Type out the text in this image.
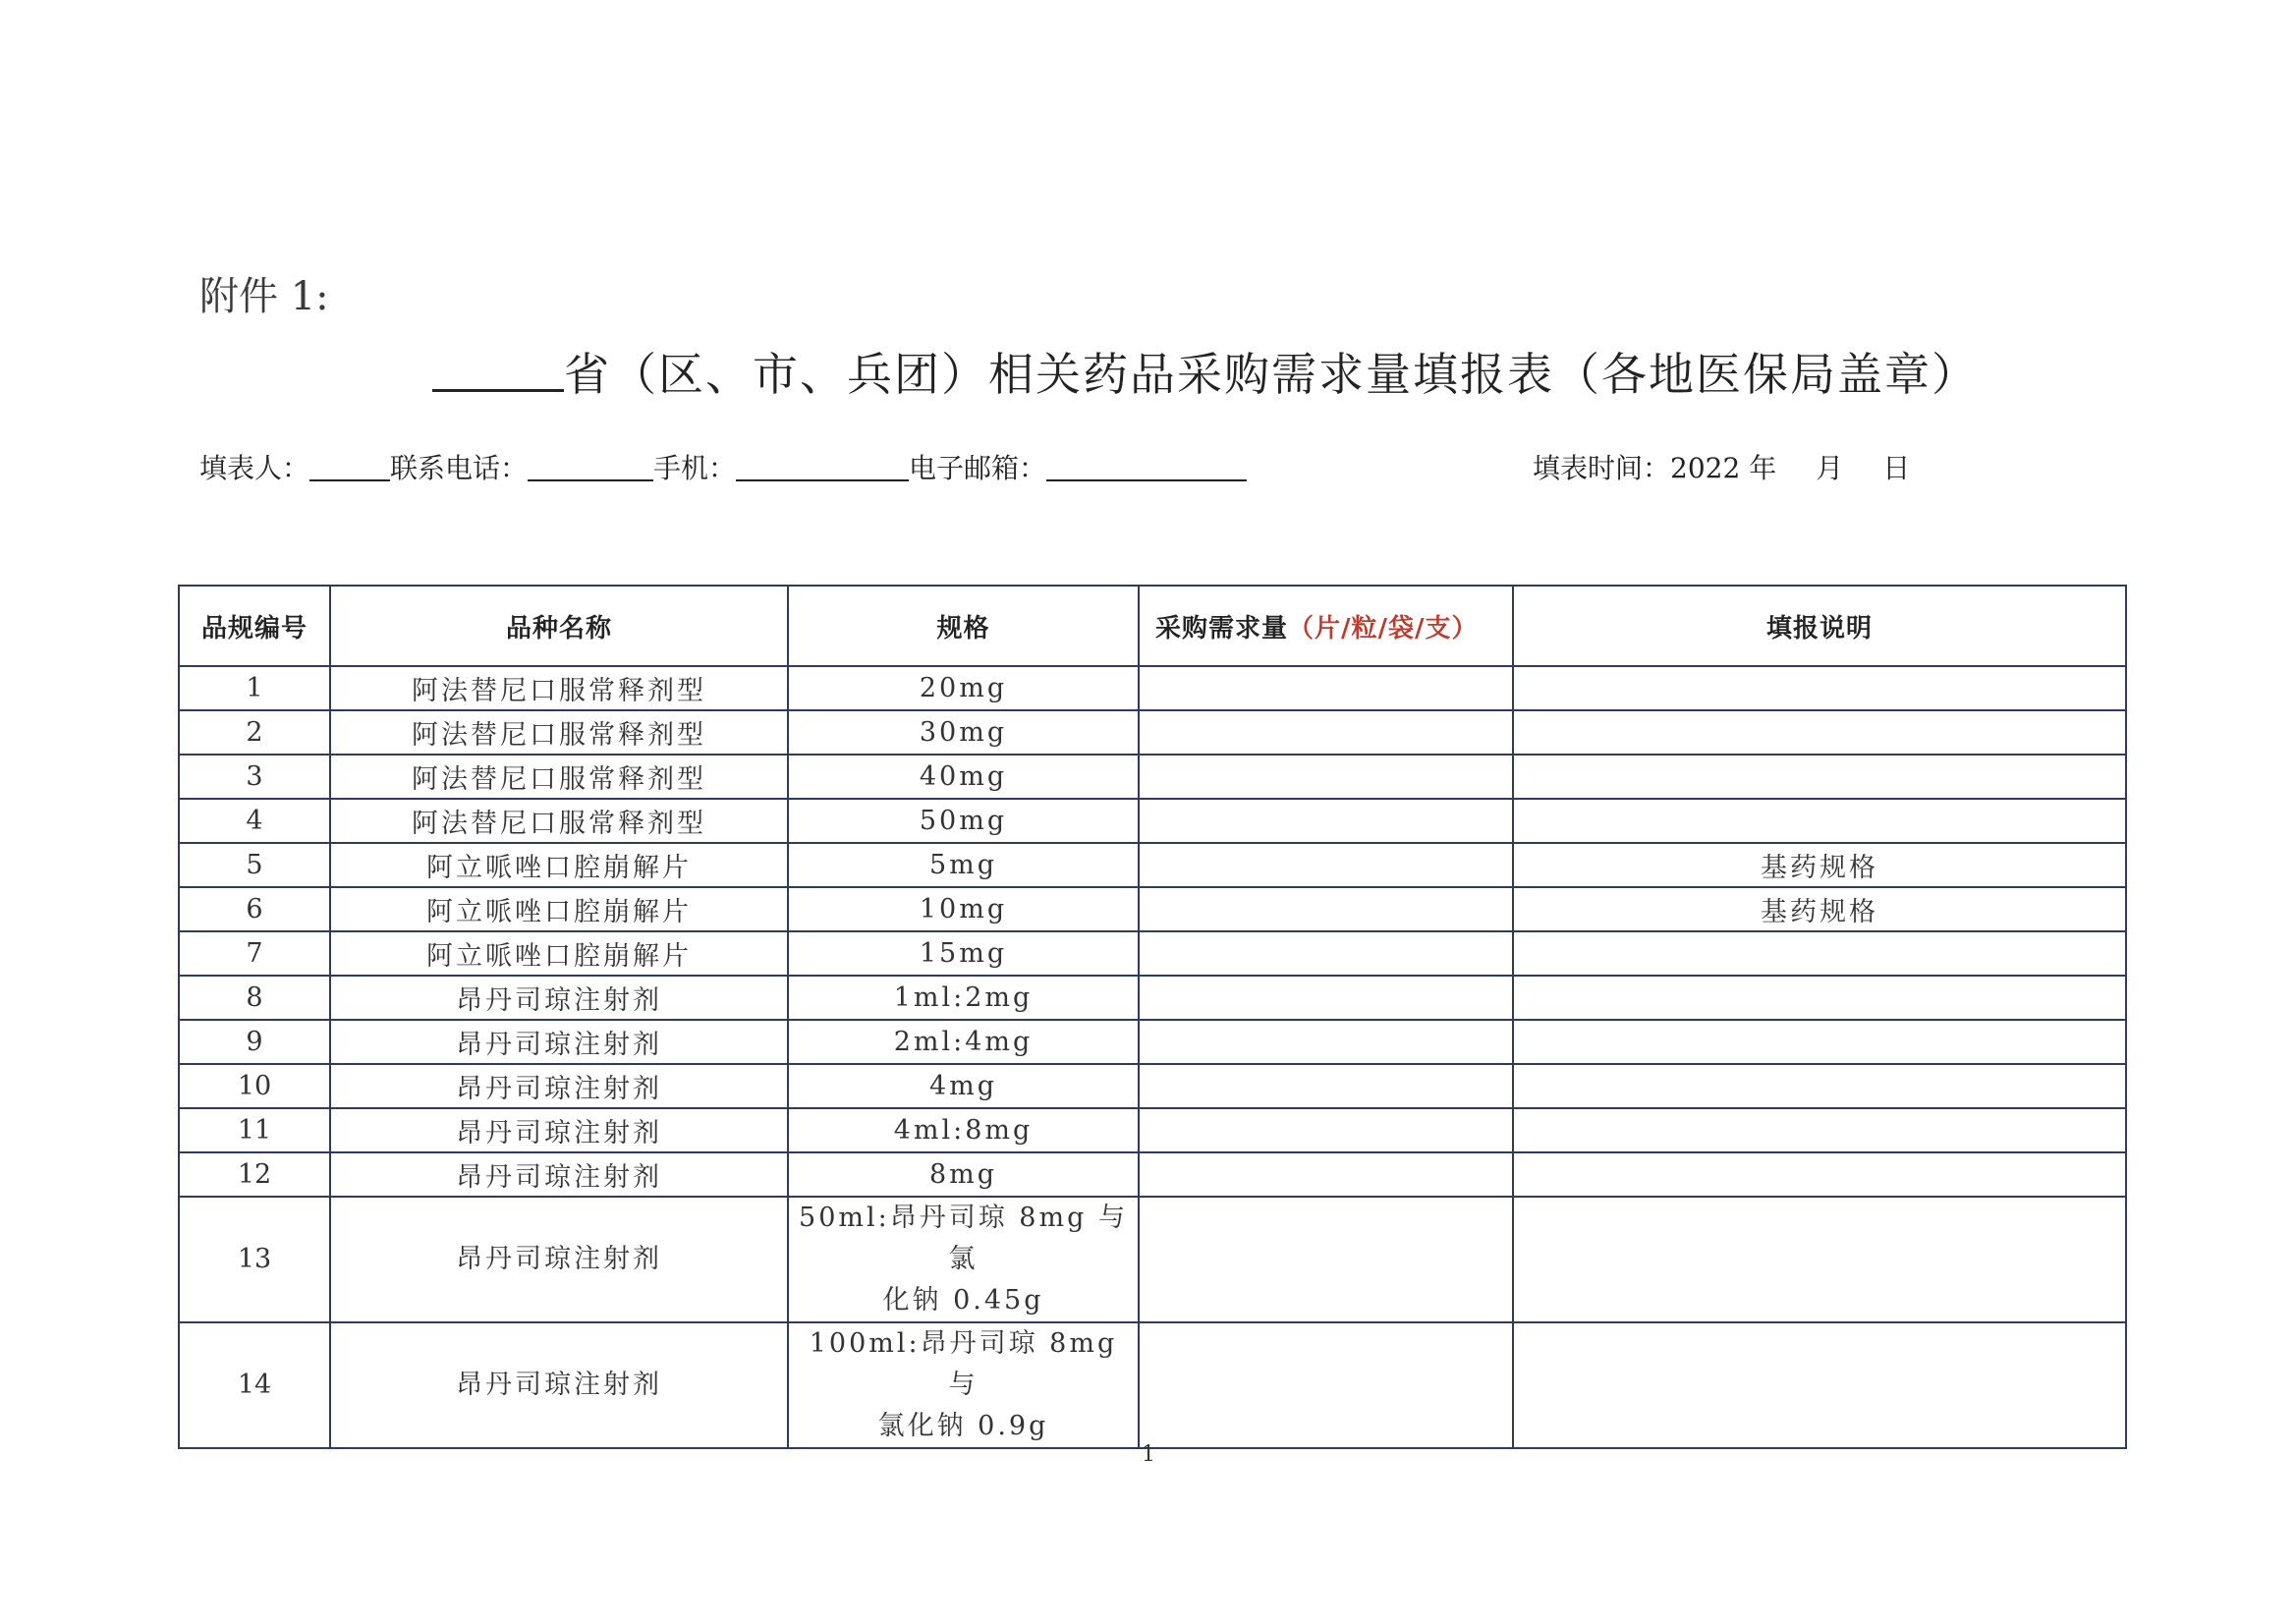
附件 1:
省（区、市、兵团）相关药品采购需求量填报表（各地医保局盖章）
填表人：	联系电话：	手机：	电子邮箱：	填表时间：2022 年 月 日
品规编号	品种名称	规格	采购需求量（片/粒/袋/支）	填报说明
1	阿法替尼口服常释剂型	20mg		
2	阿法替尼口服常释剂型	30mg		
3	阿法替尼口服常释剂型	40mg		
4	阿法替尼口服常释剂型	50mg		
5	阿立哌唑口腔崩解片	5mg		基药规格
6	阿立哌唑口腔崩解片	10mg		基药规格
7	阿立哌唑口腔崩解片	15mg		
8	昂丹司琼注射剂	1ml:2mg		
9	昂丹司琼注射剂	2ml:4mg		
10	昂丹司琼注射剂	4mg		
11	昂丹司琼注射剂	4ml:8mg		
12	昂丹司琼注射剂	8mg		
13	昂丹司琼注射剂	50ml:昂丹司琼 8mg 与氯
化钠 0.45g		

14	昂丹司琼注射剂	100ml:昂丹司琼 8mg 与
氯化钠 0.9g		

1
